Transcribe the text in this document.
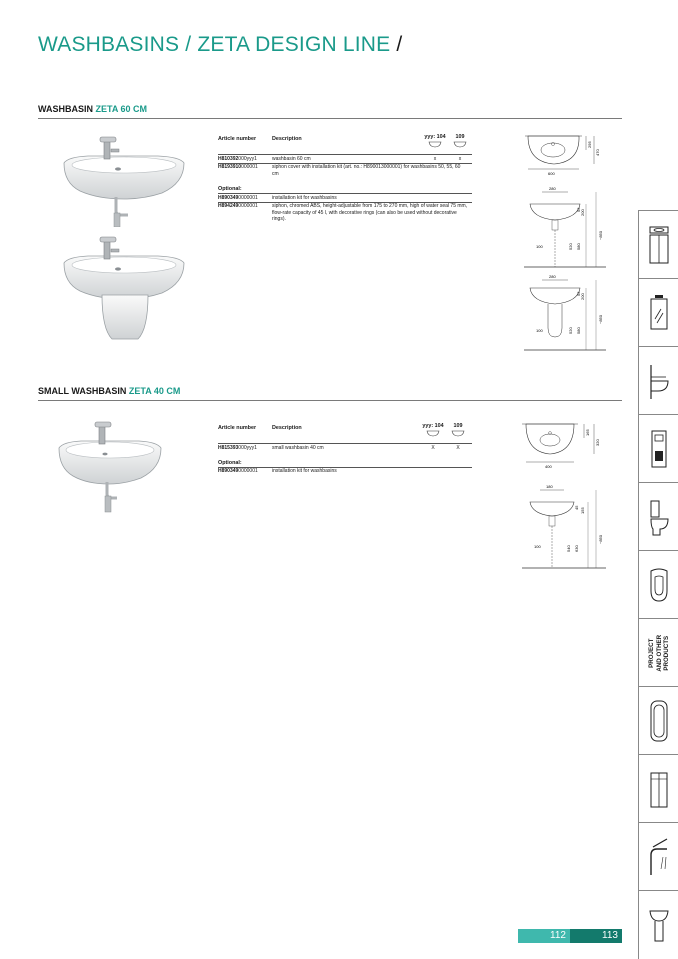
WASHBASINS / ZETA DESIGN LINE /
WASHBASIN ZETA 60 CM
Article number	Description	yyy: 104	109
H810392000yyy1	washbasin 60 cm	x	x
H8193910000001	siphon cover with installation kit (art. no.: H890013000001) for washbasins 50, 55, 60 cm
Optional:
H8903490000001	installation kit for washbasins
H8942490000001	siphon, chromed ABS, height-adjustable from 175 to 270 mm, high of water seal 75 mm, flow-rate capacity of 45 l, with decorative rings (can also be used without decorative rings).
600
295
470
280
100
55 200
520 580
~850
280
100
55 200
520 580
~850
SMALL WASHBASIN ZETA 40 CM
Article number	Description	yyy: 104	109
H815393000yyy1	small washbasin 40 cm	X	X
Optional:
H8903490000001	installation kit for washbasins
400
165
320
180
100
45 155
540 630
~850
PROJECT AND OTHER PRODUCTS
112	113
